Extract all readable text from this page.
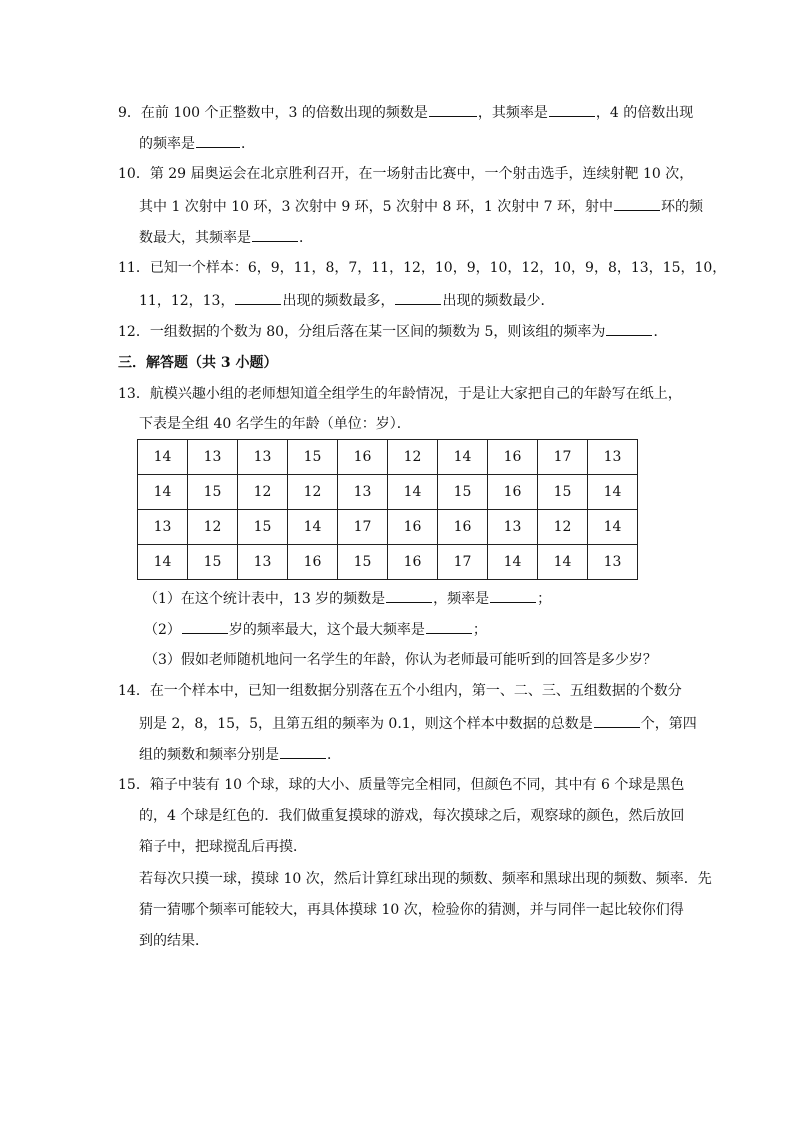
9．在前 100 个正整数中，3 的倍数出现的频数是	，其频率是	，4 的倍数出现
的频率是	．
10．第 29 届奥运会在北京胜利召开，在一场射击比赛中，一个射击选手，连续射靶 10 次，
其中 1 次射中 10 环，3 次射中 9 环，5 次射中 8 环，1 次射中 7 环，射中	环的频
数最大，其频率是	．
11．已知一个样本：6，9，11，8，7，11，12，10，9，10，12，10，9，8，13，15，10，
11，12，13，	出现的频数最多，	出现的频数最少．
12．一组数据的个数为 80，分组后落在某一区间的频数为 5，则该组的频率为	．
三．解答题（共 3 小题）
13．航模兴趣小组的老师想知道全组学生的年龄情况，于是让大家把自己的年龄写在纸上，
下表是全组 40 名学生的年龄（单位：岁）．
14	13	13	15	16	12	14	16	17	13
14	15	12	12	13	14	15	16	15	14
13	12	15	14	17	16	16	13	12	14
14	15	13	16	15	16	17	14	14	13
（1）在这个统计表中，13 岁的频数是	，频率是	；
（2）	岁的频率最大，这个最大频率是	；
（3）假如老师随机地问一名学生的年龄，你认为老师最可能听到的回答是多少岁？
14．在一个样本中，已知一组数据分别落在五个小组内，第一、二、三、五组数据的个数分
别是 2，8，15，5，且第五组的频率为 0.1，则这个样本中数据的总数是	个，第四
组的频数和频率分别是	．
15．箱子中装有 10 个球，球的大小、质量等完全相同，但颜色不同，其中有 6 个球是黑色
的，4 个球是红色的．我们做重复摸球的游戏，每次摸球之后，观察球的颜色，然后放回
箱子中，把球搅乱后再摸．
若每次只摸一球，摸球 10 次，然后计算红球出现的频数、频率和黑球出现的频数、频率．先
猜一猜哪个频率可能较大，再具体摸球 10 次，检验你的猜测，并与同伴一起比较你们得
到的结果．
